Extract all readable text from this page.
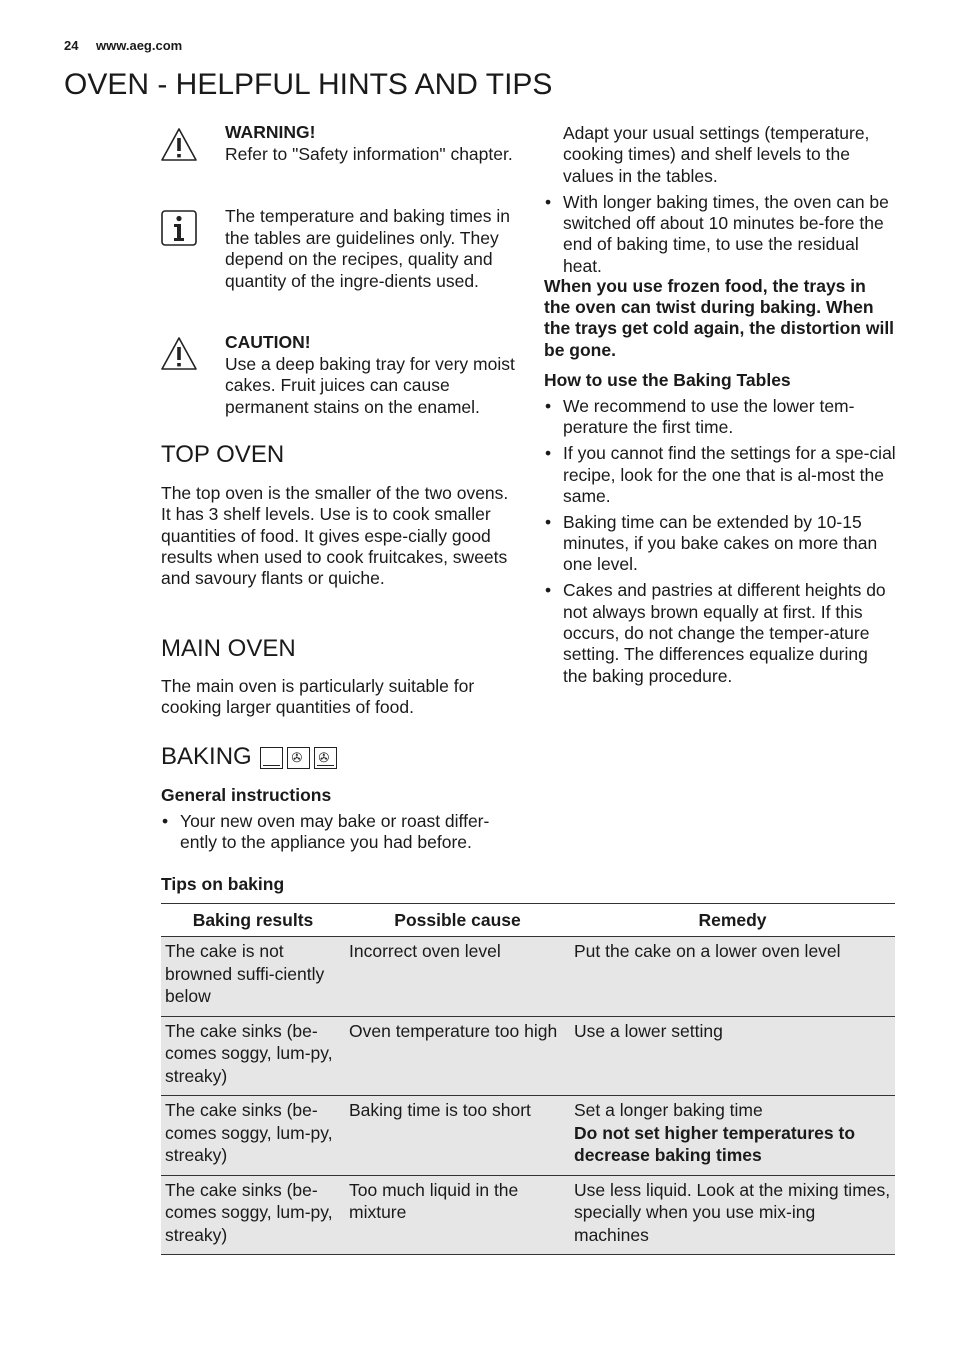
24 www.aeg.com
OVEN - HELPFUL HINTS AND TIPS
WARNING!
Refer to "Safety information" chapter.
The temperature and baking times in the tables are guidelines only. They depend on the recipes, quality and quantity of the ingre-dients used.
CAUTION!
Use a deep baking tray for very moist cakes. Fruit juices can cause permanent stains on the enamel.
TOP OVEN
The top oven is the smaller of the two ovens. It has 3 shelf levels. Use is to cook smaller quantities of food. It gives espe-cially good results when used to cook fruitcakes, sweets and savoury flants or quiche.
MAIN OVEN
The main oven is particularly suitable for cooking larger quantities of food.
BAKING	✇ ✇
General instructions
• Your new oven may bake or roast differ-ently to the appliance you had before.
Adapt your usual settings (temperature, cooking times) and shelf levels to the values in the tables.
• With longer baking times, the oven can be switched off about 10 minutes be-fore the end of baking time, to use the residual heat.
When you use frozen food, the trays in the oven can twist during baking. When the trays get cold again, the distortion will be gone.
How to use the Baking Tables
• We recommend to use the lower tem-perature the first time.
• If you cannot find the settings for a spe-cial recipe, look for the one that is al-most the same.
• Baking time can be extended by 10-15 minutes, if you bake cakes on more than one level.
• Cakes and pastries at different heights do not always brown equally at first. If this occurs, do not change the temper-ature setting. The differences equalize during the baking procedure.
Tips on baking
Baking results	Possible cause	Remedy
The cake is not browned suffi-ciently below	Incorrect oven level	Put the cake on a lower oven level

The cake sinks (be-comes soggy, lum-py, streaky)	Oven temperature too high	Use a lower setting

The cake sinks (be-comes soggy, lum-py, streaky)	Baking time is too short	Set a longer baking time
Do not set higher temperatures to decrease baking times

The cake sinks (be-comes soggy, lum-py, streaky)	Too much liquid in the mixture	Use less liquid. Look at the mixing times, specially when you use mix-ing machines
